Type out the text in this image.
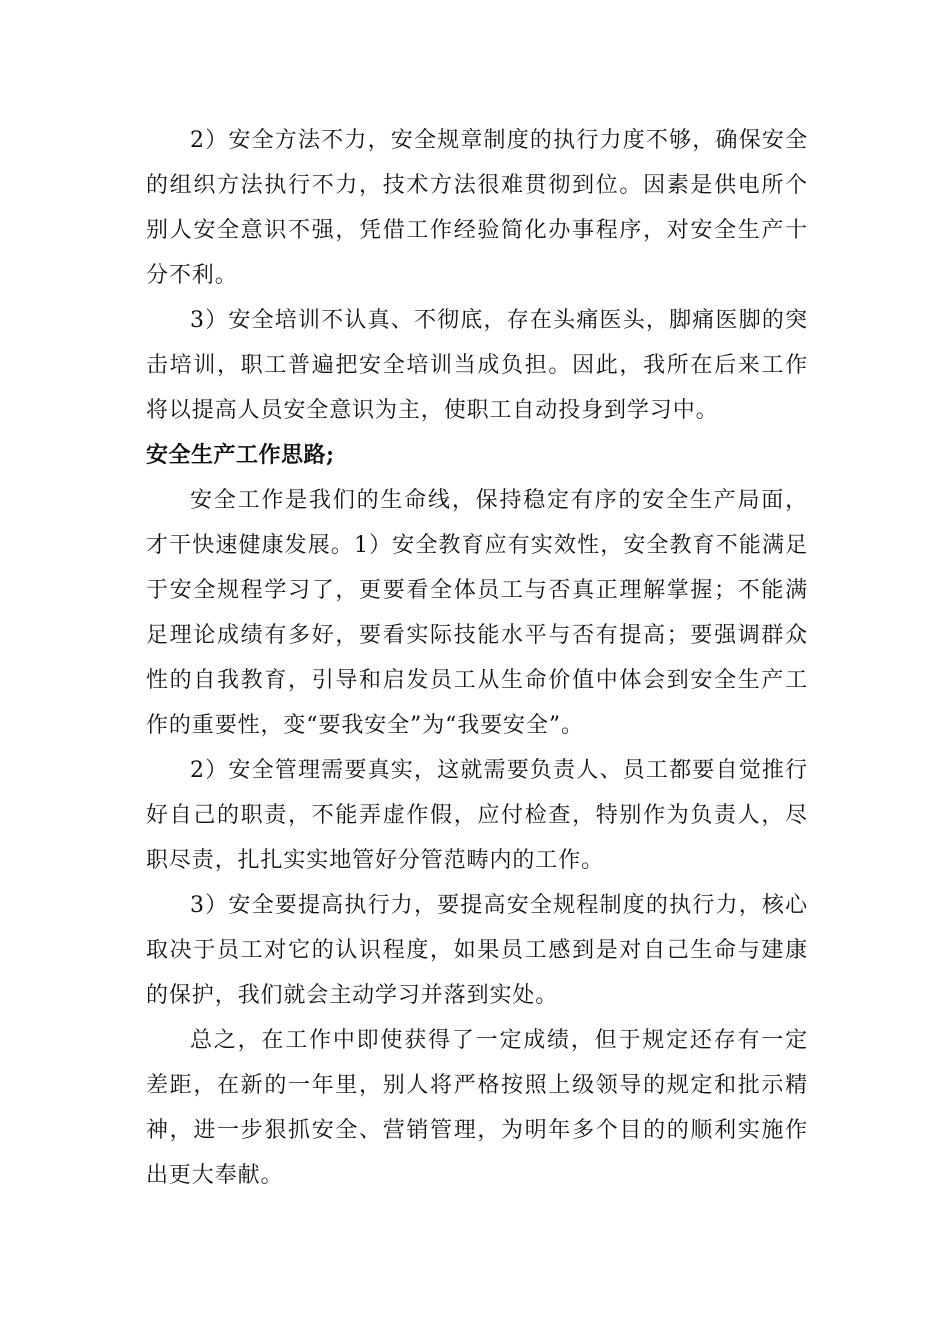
2）安全方法不力，安全规章制度的执行力度不够，确保安全的组织方法执行不力，技术方法很难贯彻到位。因素是供电所个别人安全意识不强，凭借工作经验简化办事程序，对安全生产十分不利。

3）安全培训不认真、不彻底，存在头痛医头，脚痛医脚的突击培训，职工普遍把安全培训当成负担。因此，我所在后来工作将以提高人员安全意识为主，使职工自动投身到学习中。

安全生产工作思路;

安全工作是我们的生命线，保持稳定有序的安全生产局面，才干快速健康发展。1）安全教育应有实效性，安全教育不能满足于安全规程学习了，更要看全体员工与否真正理解掌握；不能满足理论成绩有多好，要看实际技能水平与否有提高；要强调群众性的自我教育，引导和启发员工从生命价值中体会到安全生产工作的重要性，变“要我安全”为“我要安全”。

2）安全管理需要真实，这就需要负责人、员工都要自觉推行好自己的职责，不能弄虚作假，应付检查，特别作为负责人，尽职尽责，扎扎实实地管好分管范畴内的工作。

3）安全要提高执行力，要提高安全规程制度的执行力，核心取决于员工对它的认识程度，如果员工感到是对自己生命与建康的保护，我们就会主动学习并落到实处。

总之，在工作中即使获得了一定成绩，但于规定还存有一定差距，在新的一年里，别人将严格按照上级领导的规定和批示精神，进一步狠抓安全、营销管理，为明年多个目的的顺利实施作出更大奉献。
